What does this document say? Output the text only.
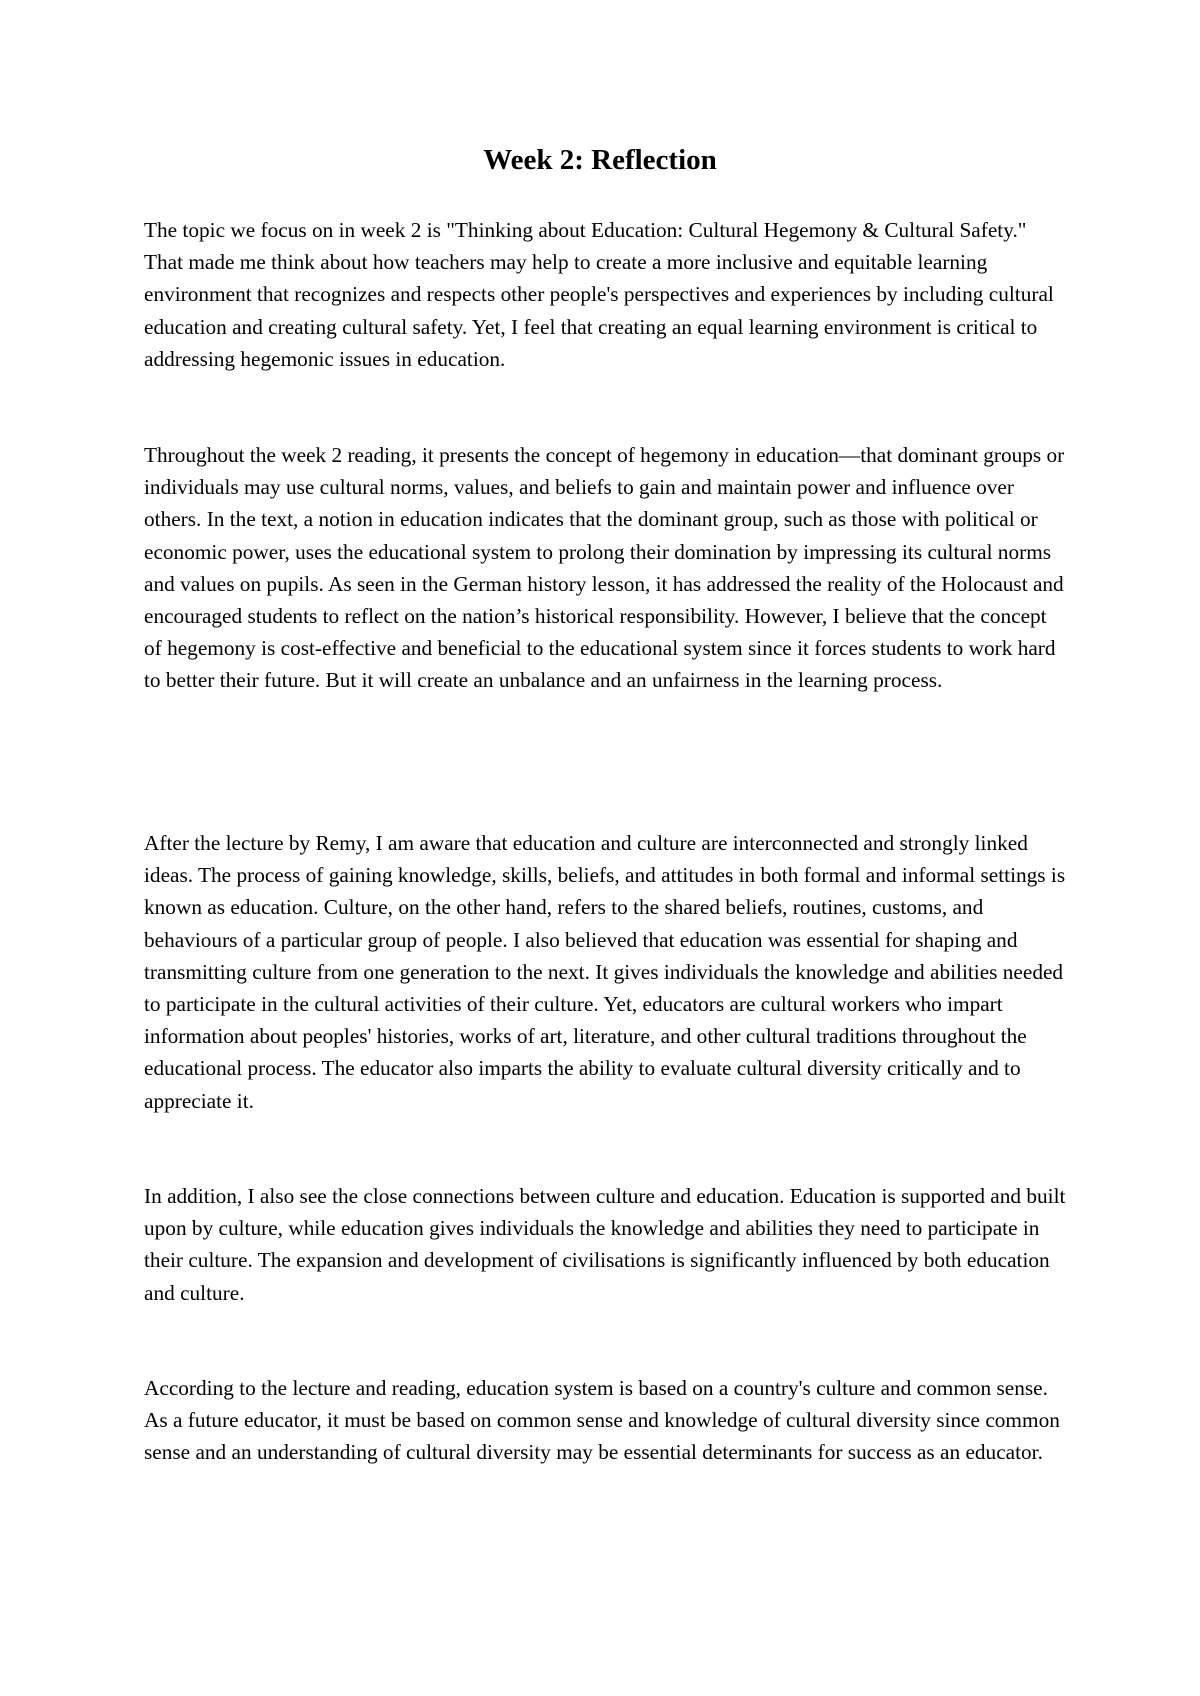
Week 2: Reflection

The topic we focus on in week 2 is "Thinking about Education: Cultural Hegemony & Cultural Safety." That made me think about how teachers may help to create a more inclusive and equitable learning environment that recognizes and respects other people's perspectives and experiences by including cultural education and creating cultural safety. Yet, I feel that creating an equal learning environment is critical to addressing hegemonic issues in education.

Throughout the week 2 reading, it presents the concept of hegemony in education—that dominant groups or individuals may use cultural norms, values, and beliefs to gain and maintain power and influence over others. In the text, a notion in education indicates that the dominant group, such as those with political or economic power, uses the educational system to prolong their domination by impressing its cultural norms and values on pupils. As seen in the German history lesson, it has addressed the reality of the Holocaust and encouraged students to reflect on the nation’s historical responsibility. However, I believe that the concept of hegemony is cost-effective and beneficial to the educational system since it forces students to work hard to better their future. But it will create an unbalance and an unfairness in the learning process.

After the lecture by Remy, I am aware that education and culture are interconnected and strongly linked ideas. The process of gaining knowledge, skills, beliefs, and attitudes in both formal and informal settings is known as education. Culture, on the other hand, refers to the shared beliefs, routines, customs, and behaviours of a particular group of people. I also believed that education was essential for shaping and transmitting culture from one generation to the next. It gives individuals the knowledge and abilities needed to participate in the cultural activities of their culture. Yet, educators are cultural workers who impart information about peoples' histories, works of art, literature, and other cultural traditions throughout the educational process. The educator also imparts the ability to evaluate cultural diversity critically and to appreciate it.

In addition, I also see the close connections between culture and education. Education is supported and built upon by culture, while education gives individuals the knowledge and abilities they need to participate in their culture. The expansion and development of civilisations is significantly influenced by both education and culture.

According to the lecture and reading, education system is based on a country's culture and common sense. As a future educator, it must be based on common sense and knowledge of cultural diversity since common sense and an understanding of cultural diversity may be essential determinants for success as an educator.
